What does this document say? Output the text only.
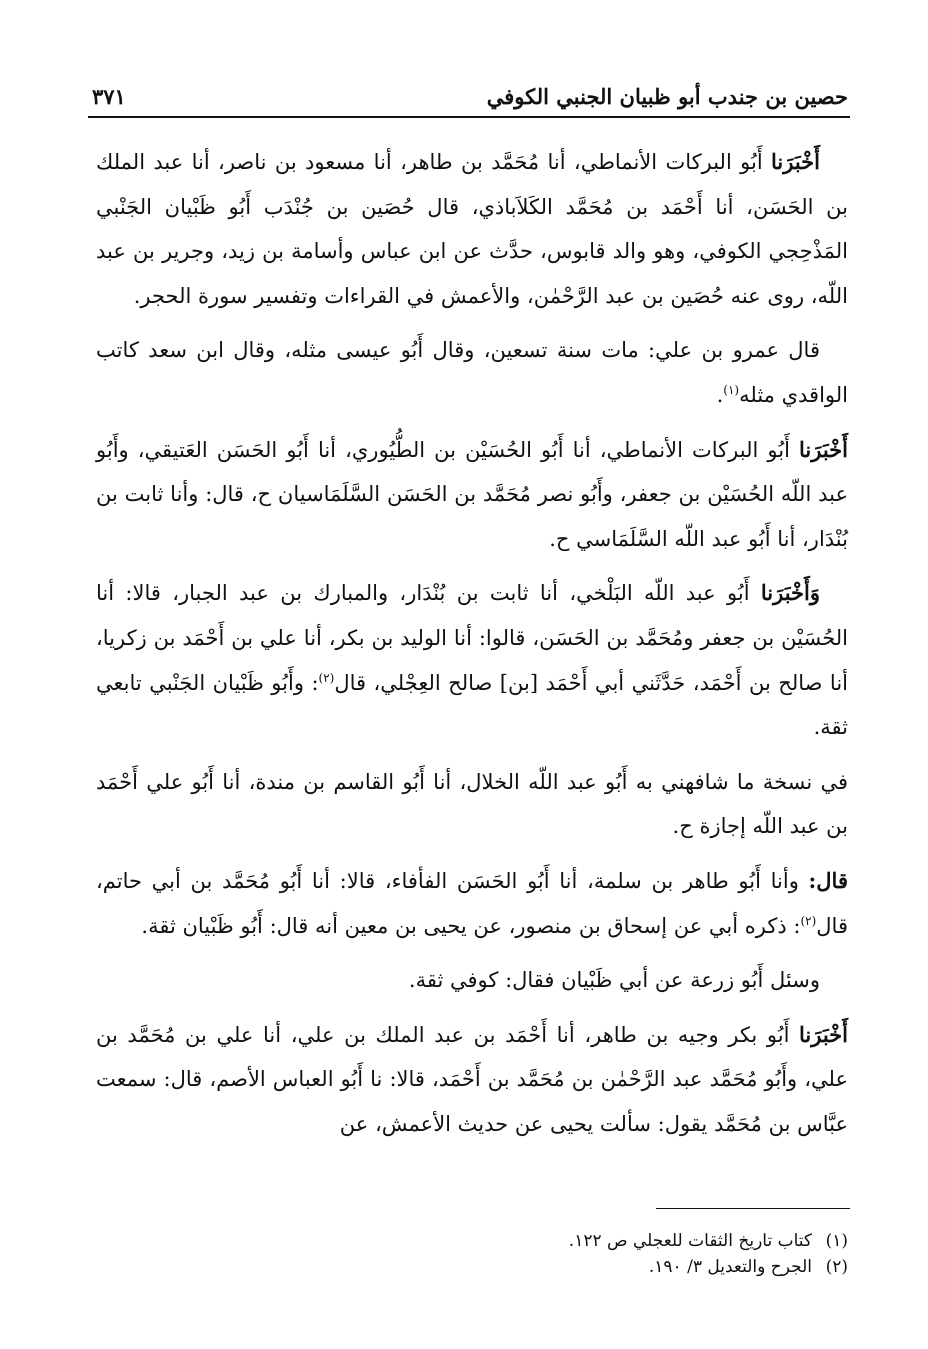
حصين بن جندب أبو ظبيان الجنبي الكوفي
٣٧١

أَخْبَرَنا أَبُو البركات الأنماطي، أنا مُحَمَّد بن طاهر، أنا مسعود بن ناصر، أنا عبد الملك بن الحَسَن، أنا أَحْمَد بن مُحَمَّد الكَلاَباذي، قال حُصَين بن جُنْدَب أَبُو ظَبْيان الجَنْبي المَذْحِجي الكوفي، وهو والد قابوس، حدَّث عن ابن عباس وأسامة بن زيد، وجرير بن عبد اللّه، روى عنه حُصَين بن عبد الرَّحْمٰن، والأعمش في القراءات وتفسير سورة الحجر.

قال عمرو بن علي: مات سنة تسعين، وقال أَبُو عيسى مثله، وقال ابن سعد كاتب الواقدي مثله$^{(١)}$.

أَخْبَرَنا أَبُو البركات الأنماطي، أنا أَبُو الحُسَيْن بن الطُّيُوري، أنا أَبُو الحَسَن العَتيقي، وأَبُو عبد اللّه الحُسَيْن بن جعفر، وأَبُو نصر مُحَمَّد بن الحَسَن السَّلَمَاسيان ح، قال: وأنا ثابت بن بُنْدَار، أنا أَبُو عبد اللّه السَّلَمَاسي ح.

وَأَخْبَرَنا أَبُو عبد اللّه البَلْخي، أنا ثابت بن بُنْدَار، والمبارك بن عبد الجبار، قالا: أنا الحُسَيْن بن جعفر ومُحَمَّد بن الحَسَن، قالوا: أنا الوليد بن بكر، أنا علي بن أَحْمَد بن زكريا، أنا صالح بن أَحْمَد، حَدَّثَني أبي أَحْمَد [بن] صالح العِجْلي، قال$^{(٢)}$: وأَبُو ظَبْيان الجَنْبي تابعي ثقة.

في نسخة ما شافهني به أَبُو عبد اللّه الخلال، أنا أَبُو القاسم بن مندة، أنا أَبُو علي أَحْمَد بن عبد اللّه إجازة ح.

قال: وأنا أَبُو طاهر بن سلمة، أنا أَبُو الحَسَن الفأفاء، قالا: أنا أَبُو مُحَمَّد بن أبي حاتم، قال$^{(٢)}$: ذكره أبي عن إسحاق بن منصور، عن يحيى بن معين أنه قال: أَبُو ظَبْيان ثقة.

وسئل أَبُو زرعة عن أبي ظَبْيان فقال: كوفي ثقة.

أَخْبَرَنا أَبُو بكر وجيه بن طاهر، أنا أَحْمَد بن عبد الملك بن علي، أنا علي بن مُحَمَّد بن علي، وأَبُو مُحَمَّد عبد الرَّحْمٰن بن مُحَمَّد بن أَحْمَد، قالا: نا أَبُو العباس الأصم، قال: سمعت عبَّاس بن مُحَمَّد يقول: سألت يحيى عن حديث الأعمش، عن

(١)كتاب تاريخ الثقات للعجلي ص ١٢٢.
(٢)الجرح والتعديل ٣/ ١٩٠.
